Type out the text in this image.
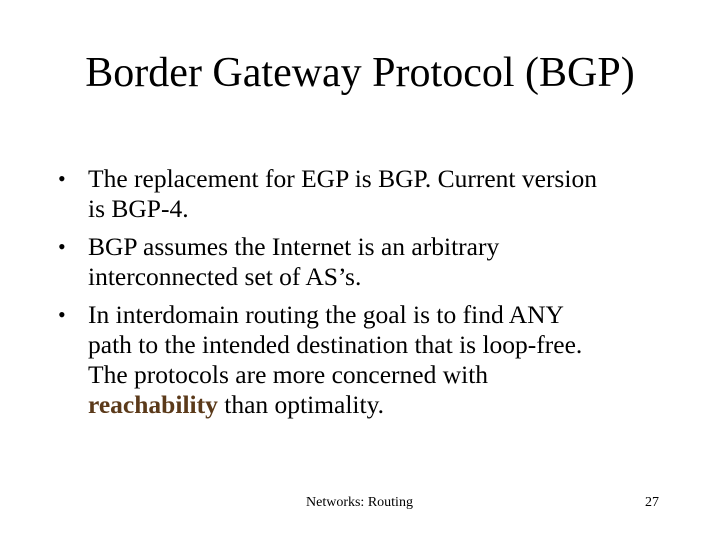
Border Gateway Protocol (BGP)
• The replacement for EGP is BGP. Current version
is BGP-4.
• BGP assumes the Internet is an arbitrary
interconnected set of AS’s.
• In interdomain routing the goal is to find ANY
path to the intended destination that is loop-free.
The protocols are more concerned with
reachability than optimality.
Networks: Routing	27
